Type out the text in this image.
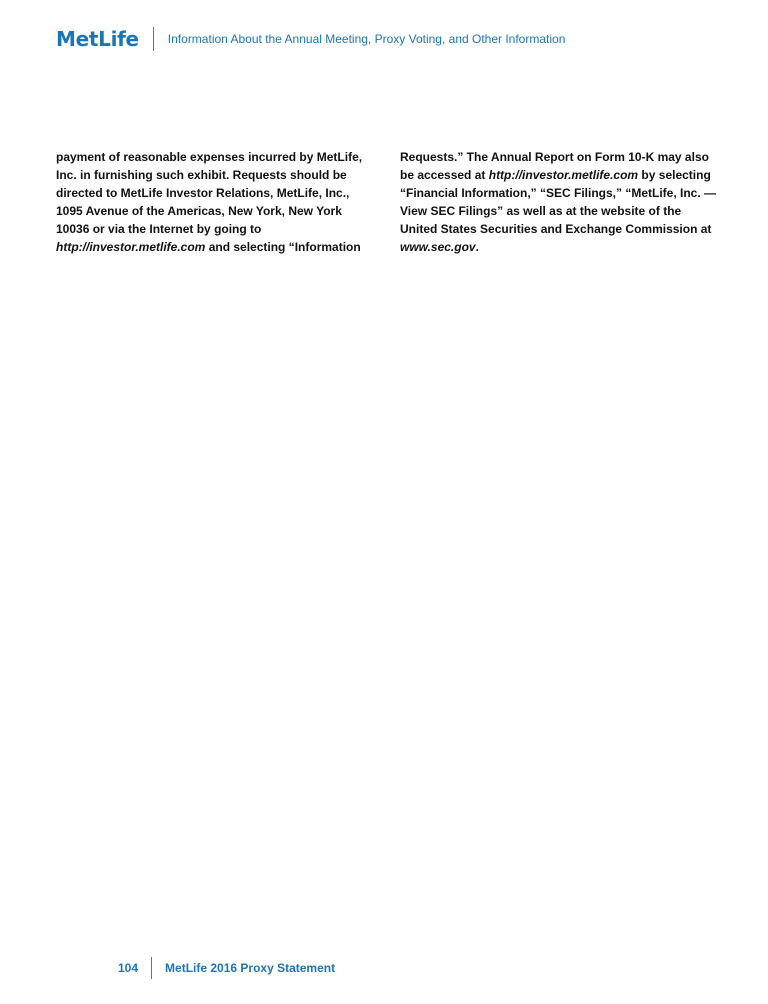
MetLife Information About the Annual Meeting, Proxy Voting, and Other Information
payment of reasonable expenses incurred by MetLife, Inc. in furnishing such exhibit. Requests should be directed to MetLife Investor Relations, MetLife, Inc., 1095 Avenue of the Americas, New York, New York 10036 or via the Internet by going to http://investor.metlife.com and selecting “Information
Requests.” The Annual Report on Form 10-K may also be accessed at http://investor.metlife.com by selecting “Financial Information,” “SEC Filings,” “MetLife, Inc. — View SEC Filings” as well as at the website of the United States Securities and Exchange Commission at www.sec.gov.
104 MetLife 2016 Proxy Statement
